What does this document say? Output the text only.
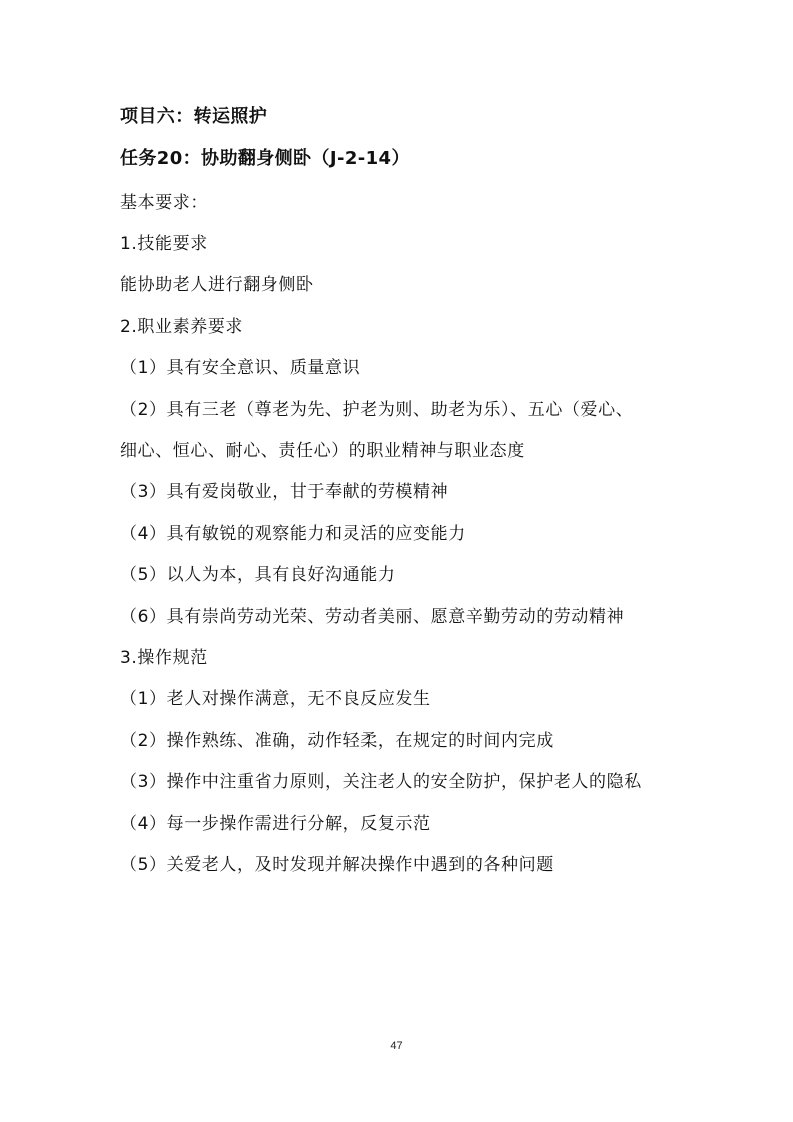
项目六：转运照护
任务20：协助翻身侧卧（J-2-14）
基本要求：
1.技能要求
能协助老人进行翻身侧卧
2.职业素养要求
（1）具有安全意识、质量意识
（2）具有三老（尊老为先、护老为则、助老为乐）、五心（爱心、
细心、恒心、耐心、责任心）的职业精神与职业态度
（3）具有爱岗敬业，甘于奉献的劳模精神
（4）具有敏锐的观察能力和灵活的应变能力
（5）以人为本，具有良好沟通能力
（6）具有崇尚劳动光荣、劳动者美丽、愿意辛勤劳动的劳动精神
3.操作规范
（1）老人对操作满意，无不良反应发生
（2）操作熟练、准确，动作轻柔，在规定的时间内完成
（3）操作中注重省力原则，关注老人的安全防护，保护老人的隐私
（4）每一步操作需进行分解，反复示范
（5）关爱老人，及时发现并解决操作中遇到的各种问题
47
